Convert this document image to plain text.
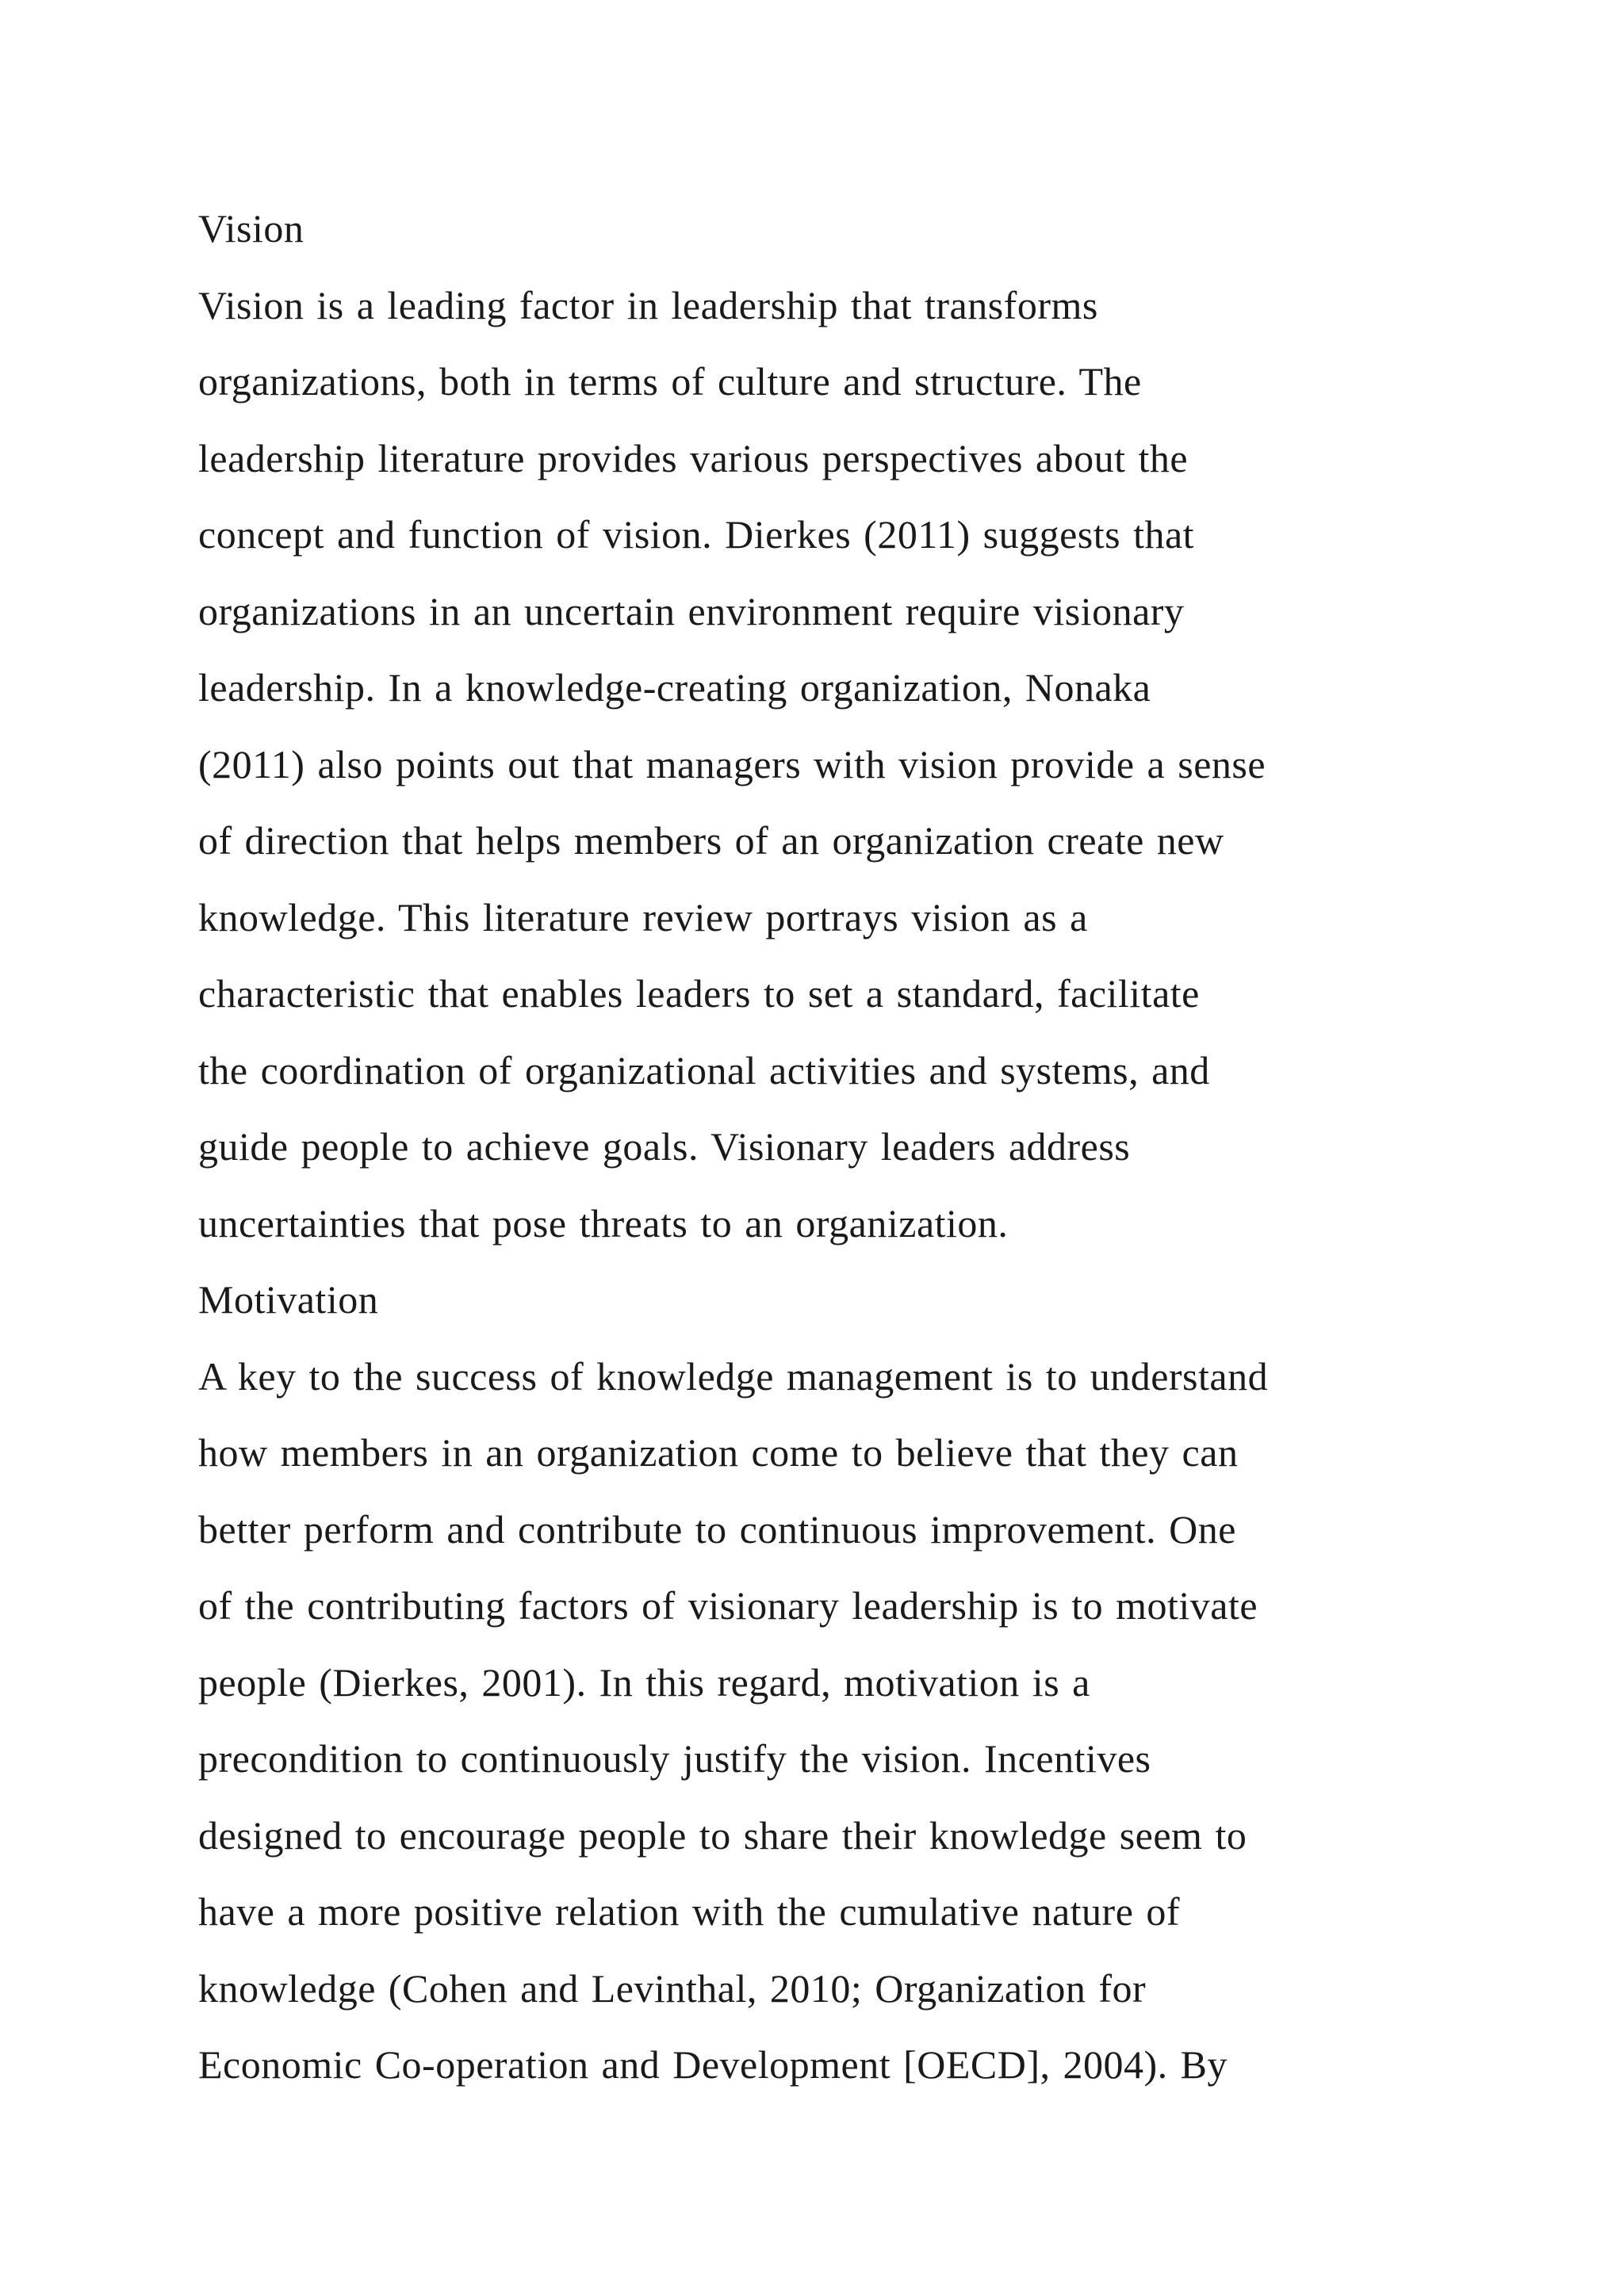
Vision
Vision is a leading factor in leadership that transforms
organizations, both in terms of culture and structure. The
leadership literature provides various perspectives about the
concept and function of vision. Dierkes (2011) suggests that
organizations in an uncertain environment require visionary
leadership. In a knowledge-creating organization, Nonaka
(2011) also points out that managers with vision provide a sense
of direction that helps members of an organization create new
knowledge. This literature review portrays vision as a
characteristic that enables leaders to set a standard, facilitate
the coordination of organizational activities and systems, and
guide people to achieve goals. Visionary leaders address
uncertainties that pose threats to an organization.
Motivation
A key to the success of knowledge management is to understand
how members in an organization come to believe that they can
better perform and contribute to continuous improvement. One
of the contributing factors of visionary leadership is to motivate
people (Dierkes, 2001). In this regard, motivation is a
precondition to continuously justify the vision. Incentives
designed to encourage people to share their knowledge seem to
have a more positive relation with the cumulative nature of
knowledge (Cohen and Levinthal, 2010; Organization for
Economic Co-operation and Development [OECD], 2004). By
